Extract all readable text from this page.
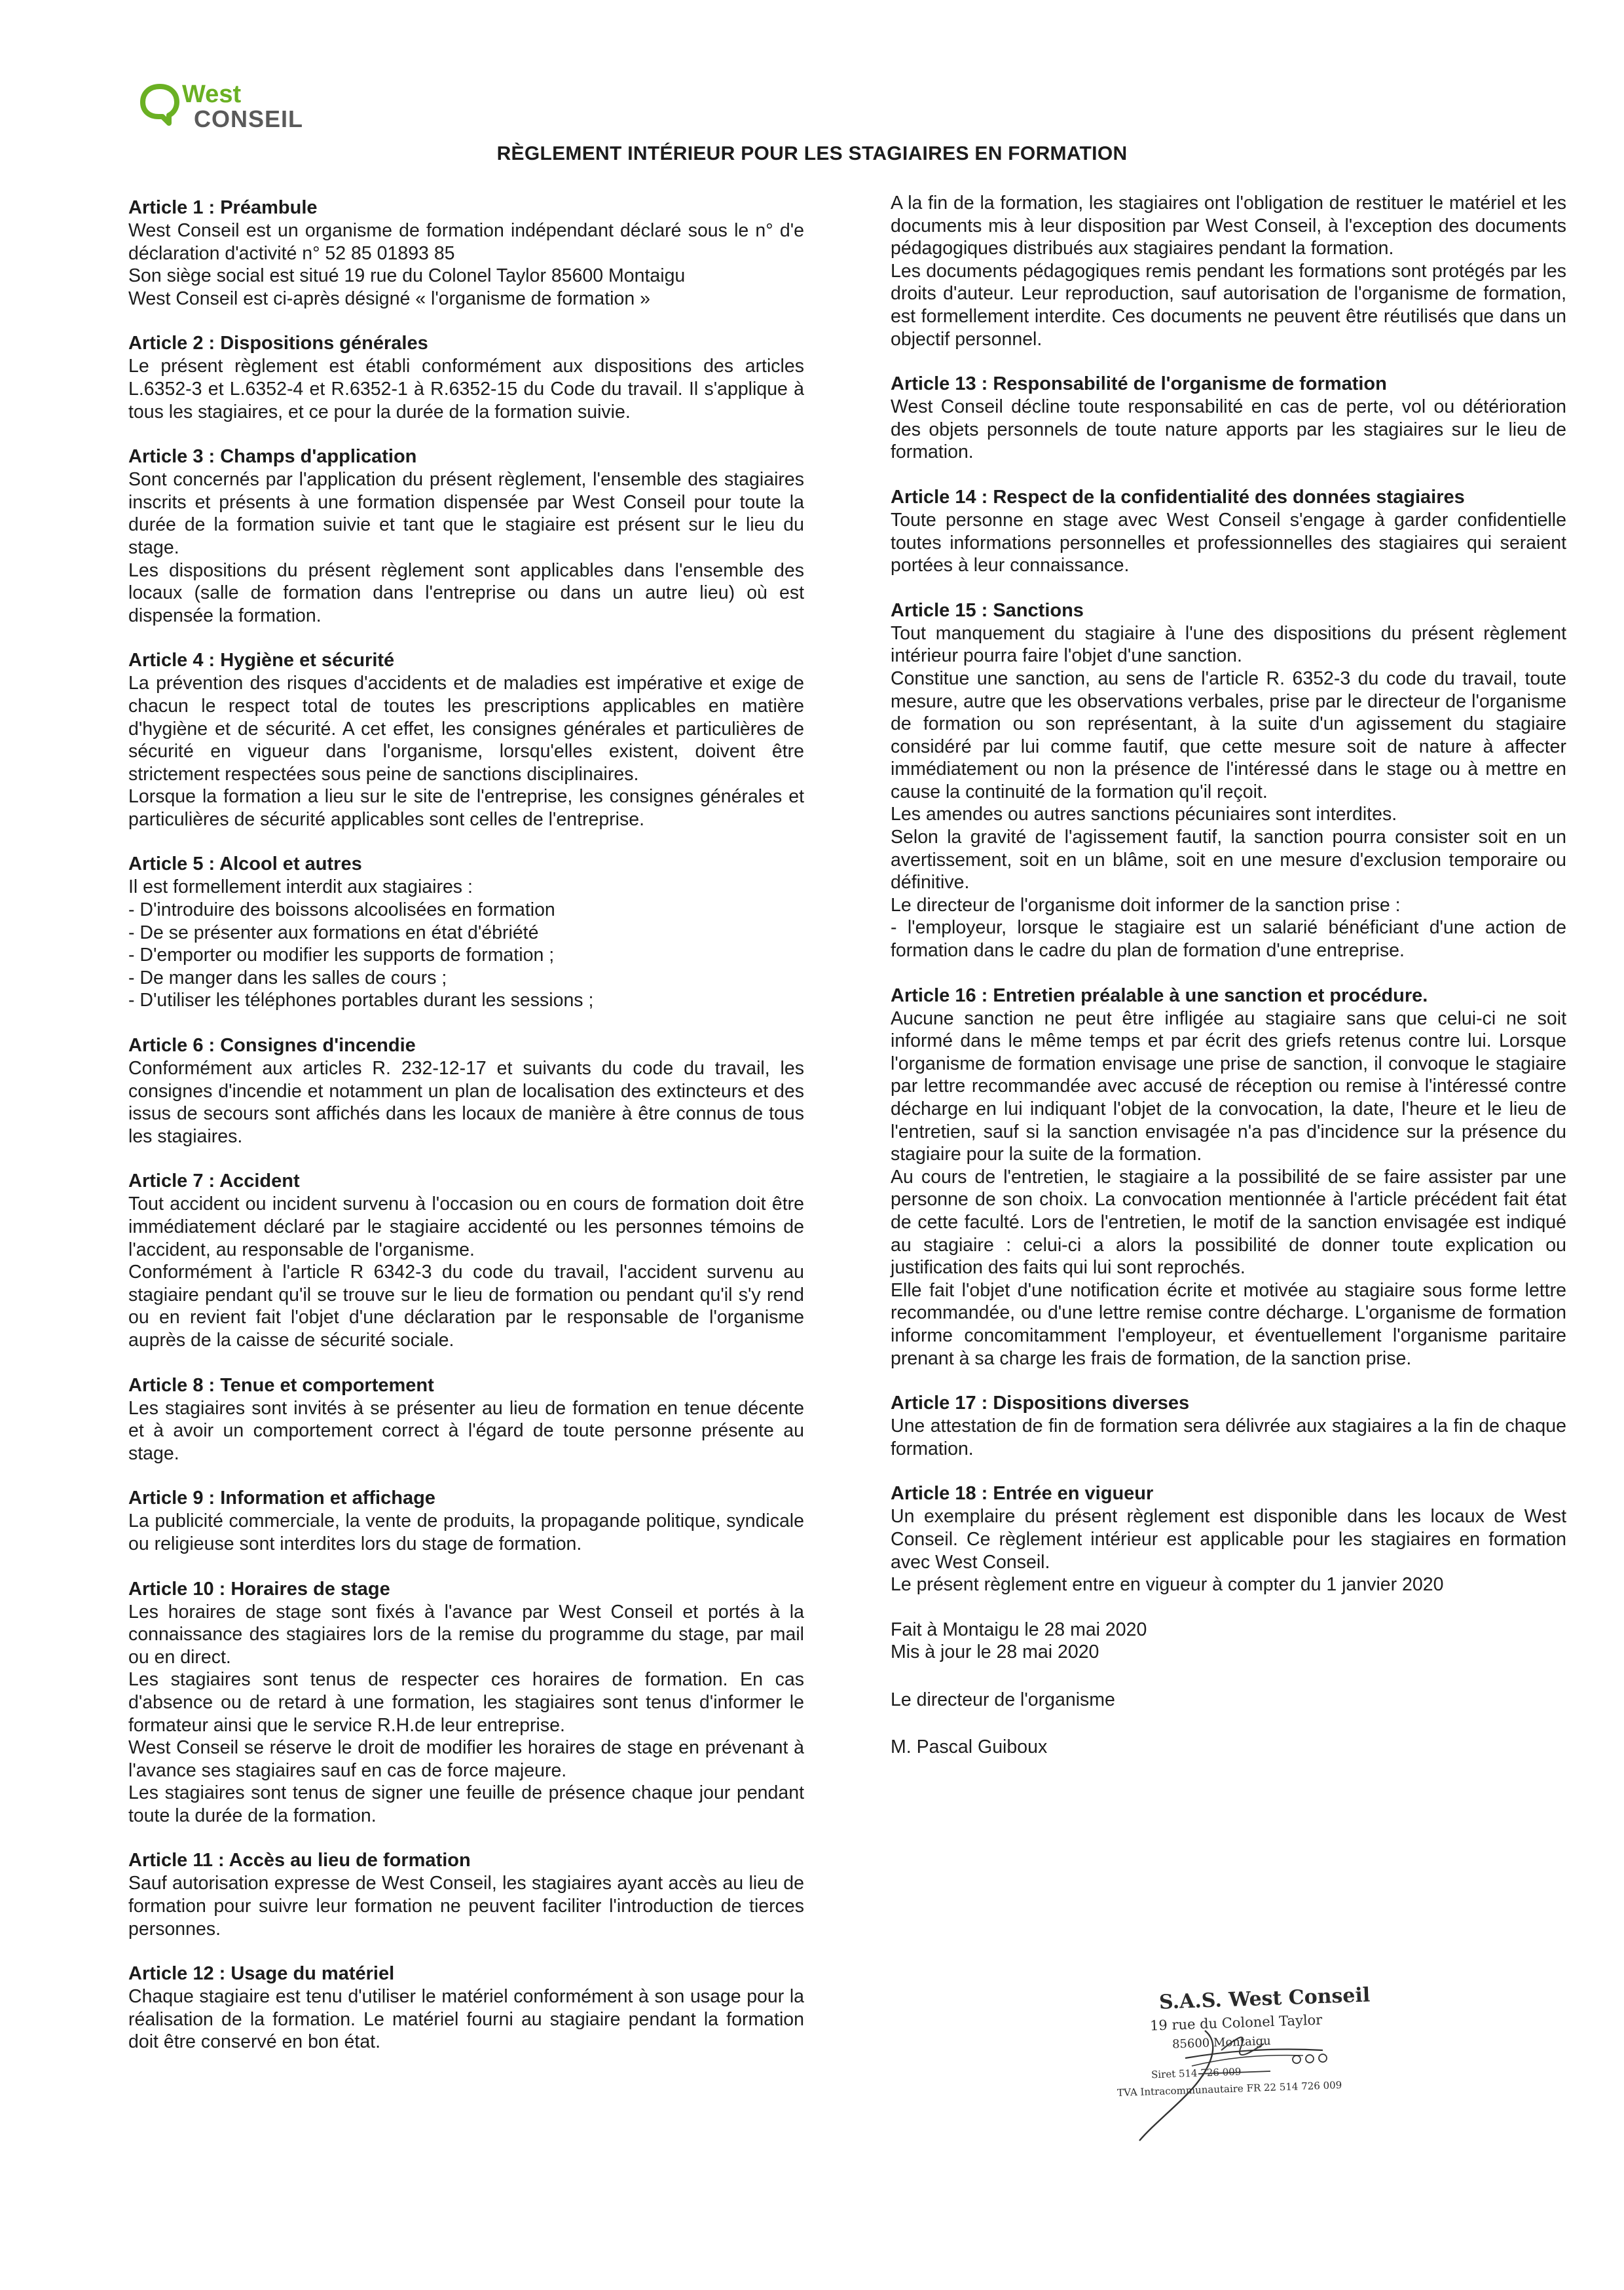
West
CONSEIL
RÈGLEMENT INTÉRIEUR POUR LES STAGIAIRES EN FORMATION
Article 1 : Préambule

West Conseil est un organisme de formation indépendant déclaré sous le n° d'e déclaration d'activité n° 52 85 01893 85

Son siège social est situé 19 rue du Colonel Taylor 85600 Montaigu

West Conseil est ci-après désigné « l'organisme de formation »

Article 2 : Dispositions générales

Le présent règlement est établi conformément aux dispositions des articles L.6352-3 et L.6352-4 et R.6352-1 à R.6352-15 du Code du travail. Il s'applique à tous les stagiaires, et ce pour la durée de la formation suivie.

Article 3 : Champs d'application

Sont concernés par l'application du présent règlement, l'ensemble des stagiaires inscrits et présents à une formation dispensée par West Conseil pour toute la durée de la formation suivie et tant que le stagiaire est présent sur le lieu du stage.

Les dispositions du présent règlement sont applicables dans l'ensemble des locaux (salle de formation dans l'entreprise ou dans un autre lieu) où est dispensée la formation.

Article 4 : Hygiène et sécurité

La prévention des risques d'accidents et de maladies est impérative et exige de chacun le respect total de toutes les prescriptions applicables en matière d'hygiène et de sécurité. A cet effet, les consignes générales et particulières de sécurité en vigueur dans l'organisme, lorsqu'elles existent, doivent être strictement respectées sous peine de sanctions disciplinaires.

Lorsque la formation a lieu sur le site de l'entreprise, les consignes générales et particulières de sécurité applicables sont celles de l'entreprise.

Article 5 : Alcool et autres

Il est formellement interdit aux stagiaires :

- D'introduire des boissons alcoolisées en formation
- De se présenter aux formations en état d'ébriété
- D'emporter ou modifier les supports de formation ;
- De manger dans les salles de cours ;
- D'utiliser les téléphones portables durant les sessions ;
Article 6 : Consignes d'incendie

Conformément aux articles R. 232-12-17 et suivants du code du travail, les consignes d'incendie et notamment un plan de localisation des extincteurs et des issus de secours sont affichés dans les locaux de manière à être connus de tous les stagiaires.

Article 7 : Accident

Tout accident ou incident survenu à l'occasion ou en cours de formation doit être immédiatement déclaré par le stagiaire accidenté ou les personnes témoins de l'accident, au responsable de l'organisme.

Conformément à l'article R 6342-3 du code du travail, l'accident survenu au stagiaire pendant qu'il se trouve sur le lieu de formation ou pendant qu'il s'y rend ou en revient fait l'objet d'une déclaration par le responsable de l'organisme auprès de la caisse de sécurité sociale.

Article 8 : Tenue et comportement

Les stagiaires sont invités à se présenter au lieu de formation en tenue décente et à avoir un comportement correct à l'égard de toute personne présente au stage.

Article 9 : Information et affichage

La publicité commerciale, la vente de produits, la propagande politique, syndicale ou religieuse sont interdites lors du stage de formation.

Article 10 : Horaires de stage

Les horaires de stage sont fixés à l'avance par West Conseil et portés à la connaissance des stagiaires lors de la remise du programme du stage, par mail ou en direct.

Les stagiaires sont tenus de respecter ces horaires de formation. En cas d'absence ou de retard à une formation, les stagiaires sont tenus d'informer le formateur ainsi que le service R.H.de leur entreprise.

West Conseil se réserve le droit de modifier les horaires de stage en prévenant à l'avance ses stagiaires sauf en cas de force majeure.

Les stagiaires sont tenus de signer une feuille de présence chaque jour pendant toute la durée de la formation.

Article 11 : Accès au lieu de formation

Sauf autorisation expresse de West Conseil, les stagiaires ayant accès au lieu de formation pour suivre leur formation ne peuvent faciliter l'introduction de tierces personnes.

Article 12 : Usage du matériel

Chaque stagiaire est tenu d'utiliser le matériel conformément à son usage pour la réalisation de la formation. Le matériel fourni au stagiaire pendant la formation doit être conservé en bon état.

A la fin de la formation, les stagiaires ont l'obligation de restituer le matériel et les documents mis à leur disposition par West Conseil, à l'exception des documents pédagogiques distribués aux stagiaires pendant la formation.

Les documents pédagogiques remis pendant les formations sont protégés par les droits d'auteur. Leur reproduction, sauf autorisation de l'organisme de formation, est formellement interdite. Ces documents ne peuvent être réutilisés que dans un objectif personnel.

Article 13 : Responsabilité de l'organisme de formation

West Conseil décline toute responsabilité en cas de perte, vol ou détérioration des objets personnels de toute nature apports par les stagiaires sur le lieu de formation.

Article 14 : Respect de la confidentialité des données stagiaires

Toute personne en stage avec West Conseil s'engage à garder confidentielle toutes informations personnelles et professionnelles des stagiaires qui seraient portées à leur connaissance.

Article 15 : Sanctions

Tout manquement du stagiaire à l'une des dispositions du présent règlement intérieur pourra faire l'objet d'une sanction.

Constitue une sanction, au sens de l'article R. 6352-3 du code du travail, toute mesure, autre que les observations verbales, prise par le directeur de l'organisme de formation ou son représentant, à la suite d'un agissement du stagiaire considéré par lui comme fautif, que cette mesure soit de nature à affecter immédiatement ou non la présence de l'intéressé dans le stage ou à mettre en cause la continuité de la formation qu'il reçoit.

Les amendes ou autres sanctions pécuniaires sont interdites.

Selon la gravité de l'agissement fautif, la sanction pourra consister soit en un avertissement, soit en un blâme, soit en une mesure d'exclusion temporaire ou définitive.

Le directeur de l'organisme doit informer de la sanction prise :

- l'employeur, lorsque le stagiaire est un salarié bénéficiant d'une action de formation dans le cadre du plan de formation d'une entreprise.

Article 16 : Entretien préalable à une sanction et procédure.

Aucune sanction ne peut être infligée au stagiaire sans que celui-ci ne soit informé dans le même temps et par écrit des griefs retenus contre lui. Lorsque l'organisme de formation envisage une prise de sanction, il convoque le stagiaire par lettre recommandée avec accusé de réception ou remise à l'intéressé contre décharge en lui indiquant l'objet de la convocation, la date, l'heure et le lieu de l'entretien, sauf si la sanction envisagée n'a pas d'incidence sur la présence du stagiaire pour la suite de la formation.

Au cours de l'entretien, le stagiaire a la possibilité de se faire assister par une personne de son choix. La convocation mentionnée à l'article précédent fait état de cette faculté. Lors de l'entretien, le motif de la sanction envisagée est indiqué au stagiaire : celui-ci a alors la possibilité de donner toute explication ou justification des faits qui lui sont reprochés.

Elle fait l'objet d'une notification écrite et motivée au stagiaire sous forme lettre recommandée, ou d'une lettre remise contre décharge. L'organisme de formation informe concomitamment l'employeur, et éventuellement l'organisme paritaire prenant à sa charge les frais de formation, de la sanction prise.

Article 17 : Dispositions diverses

Une attestation de fin de formation sera délivrée aux stagiaires a la fin de chaque formation.

Article 18 : Entrée en vigueur

Un exemplaire du présent règlement est disponible dans les locaux de West Conseil. Ce règlement intérieur est applicable pour les stagiaires en formation avec West Conseil.

Le présent règlement entre en vigueur à compter du 1 janvier 2020

Fait à Montaigu le 28 mai 2020

Mis à jour le 28 mai 2020

Le directeur de l'organisme

M. Pascal Guiboux

S.A.S. West Conseil
19 rue du Colonel Taylor
85600 Montaigu
Siret 514 726 009
TVA Intracommunautaire FR 22 514 726 009
